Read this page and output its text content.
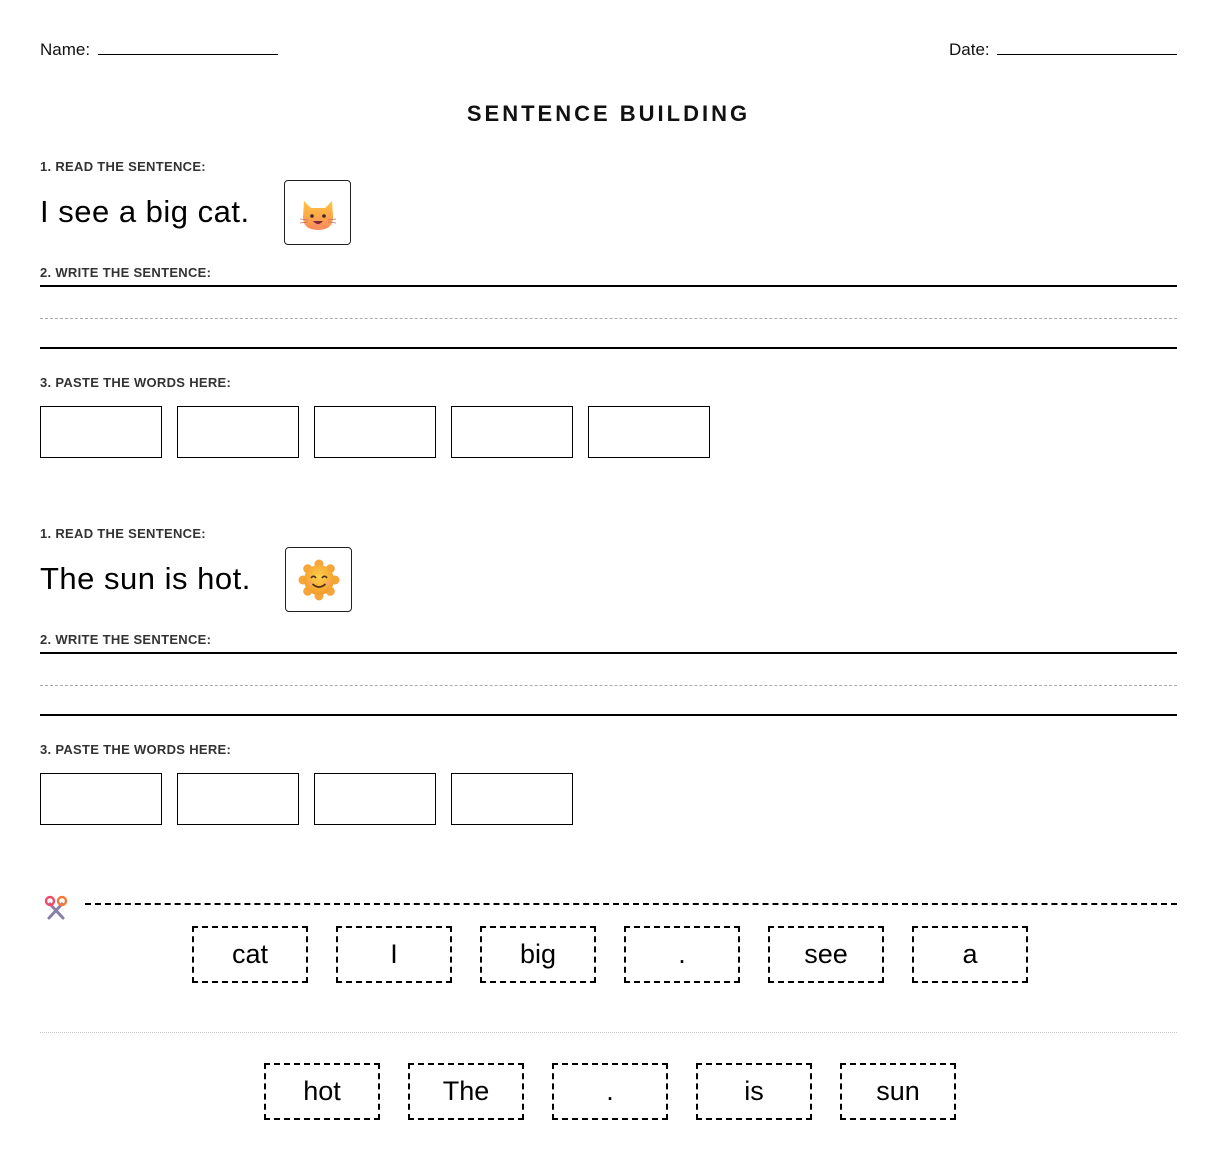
Name:	Date:
SENTENCE BUILDING
1. READ THE SENTENCE:
I see a big cat.
2. WRITE THE SENTENCE:
3. PASTE THE WORDS HERE:
1. READ THE SENTENCE:
The sun is hot.
2. WRITE THE SENTENCE:
3. PASTE THE WORDS HERE:
cat	I	big	.	see	a
hot	The	.	is	sun
